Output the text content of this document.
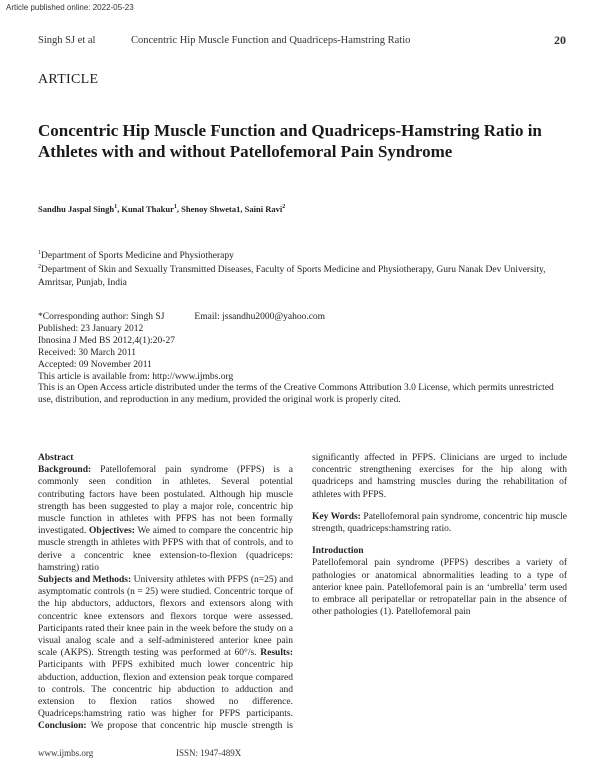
Article published online: 2022-05-23
Singh SJ et al	Concentric Hip Muscle Function and Quadriceps-Hamstring Ratio	20
ARTICLE
Concentric Hip Muscle Function and Quadriceps-Hamstring Ratio in Athletes with and without Patellofemoral Pain Syndrome
Sandhu Jaspal Singh$^1$, Kunal Thakur$^1$, Shenoy Shweta1, Saini Ravi$^2$
$^1$Department of Sports Medicine and Physiotherapy
$^2$Department of Skin and Sexually Transmitted Diseases, Faculty of Sports Medicine and Physiotherapy, Guru Nanak Dev University, Amritsar, Punjab, India
*Corresponding author: Singh SJ	Email: jssandhu2000@yahoo.com
Published: 23 January 2012
Ibnosina J Med BS 2012,4(1):20-27
Received: 30 March 2011
Accepted: 09 November 2011
This article is available from: http://www.ijmbs.org
This is an Open Access article distributed under the terms of the Creative Commons Attribution 3.0 License, which permits unrestricted use, distribution, and reproduction in any medium, provided the original work is properly cited.

Abstract

Background: Patellofemoral pain syndrome (PFPS) is a commonly seen condition in athletes. Several potential contributing factors have been postulated. Although hip muscle strength has been suggested to play a major role, concentric hip muscle function in athletes with PFPS has not been formally investigated. Objectives: We aimed to compare the concentric hip muscle strength in athletes with PFPS with that of controls, and to derive a concentric knee extension-to-flexion (quadriceps: hamstring) ratio
Subjects and Methods: University athletes with PFPS (n=25) and asymptomatic controls (n = 25) were studied. Concentric torque of the hip abductors, adductors, flexors and extensors along with concentric knee extensors and flexors torque were assessed. Participants rated their knee pain in the week before the study on a visual analog scale and a self-administered anterior knee pain scale (AKPS). Strength testing was performed at 60°/s. Results: Participants with PFPS exhibited much lower concentric hip abduction, adduction, flexion and extension peak torque compared to controls. The concentric hip abduction to adduction and extension to flexion ratios showed no difference. Quadriceps:hamstring ratio was higher for PFPS participants. Conclusion: We propose that concentric hip muscle strength is significantly affected in PFPS. Clinicians are urged to include concentric strengthening exercises for the hip along with quadriceps and hamstring muscles during the rehabilitation of athletes with PFPS.

Key Words: Patellofemoral pain syndrome, concentric hip muscle strength, quadriceps:hamstring ratio.

Introduction

Patellofemoral pain syndrome (PFPS) describes a variety of pathologies or anatomical abnormalities leading to a type of anterior knee pain. Patellofemoral pain is an ‘umbrella’ term used to embrace all peripatellar or retropatellar pain in the absence of other pathologies (1). Patellofemoral pain

www.ijmbs.org	ISSN: 1947-489X
